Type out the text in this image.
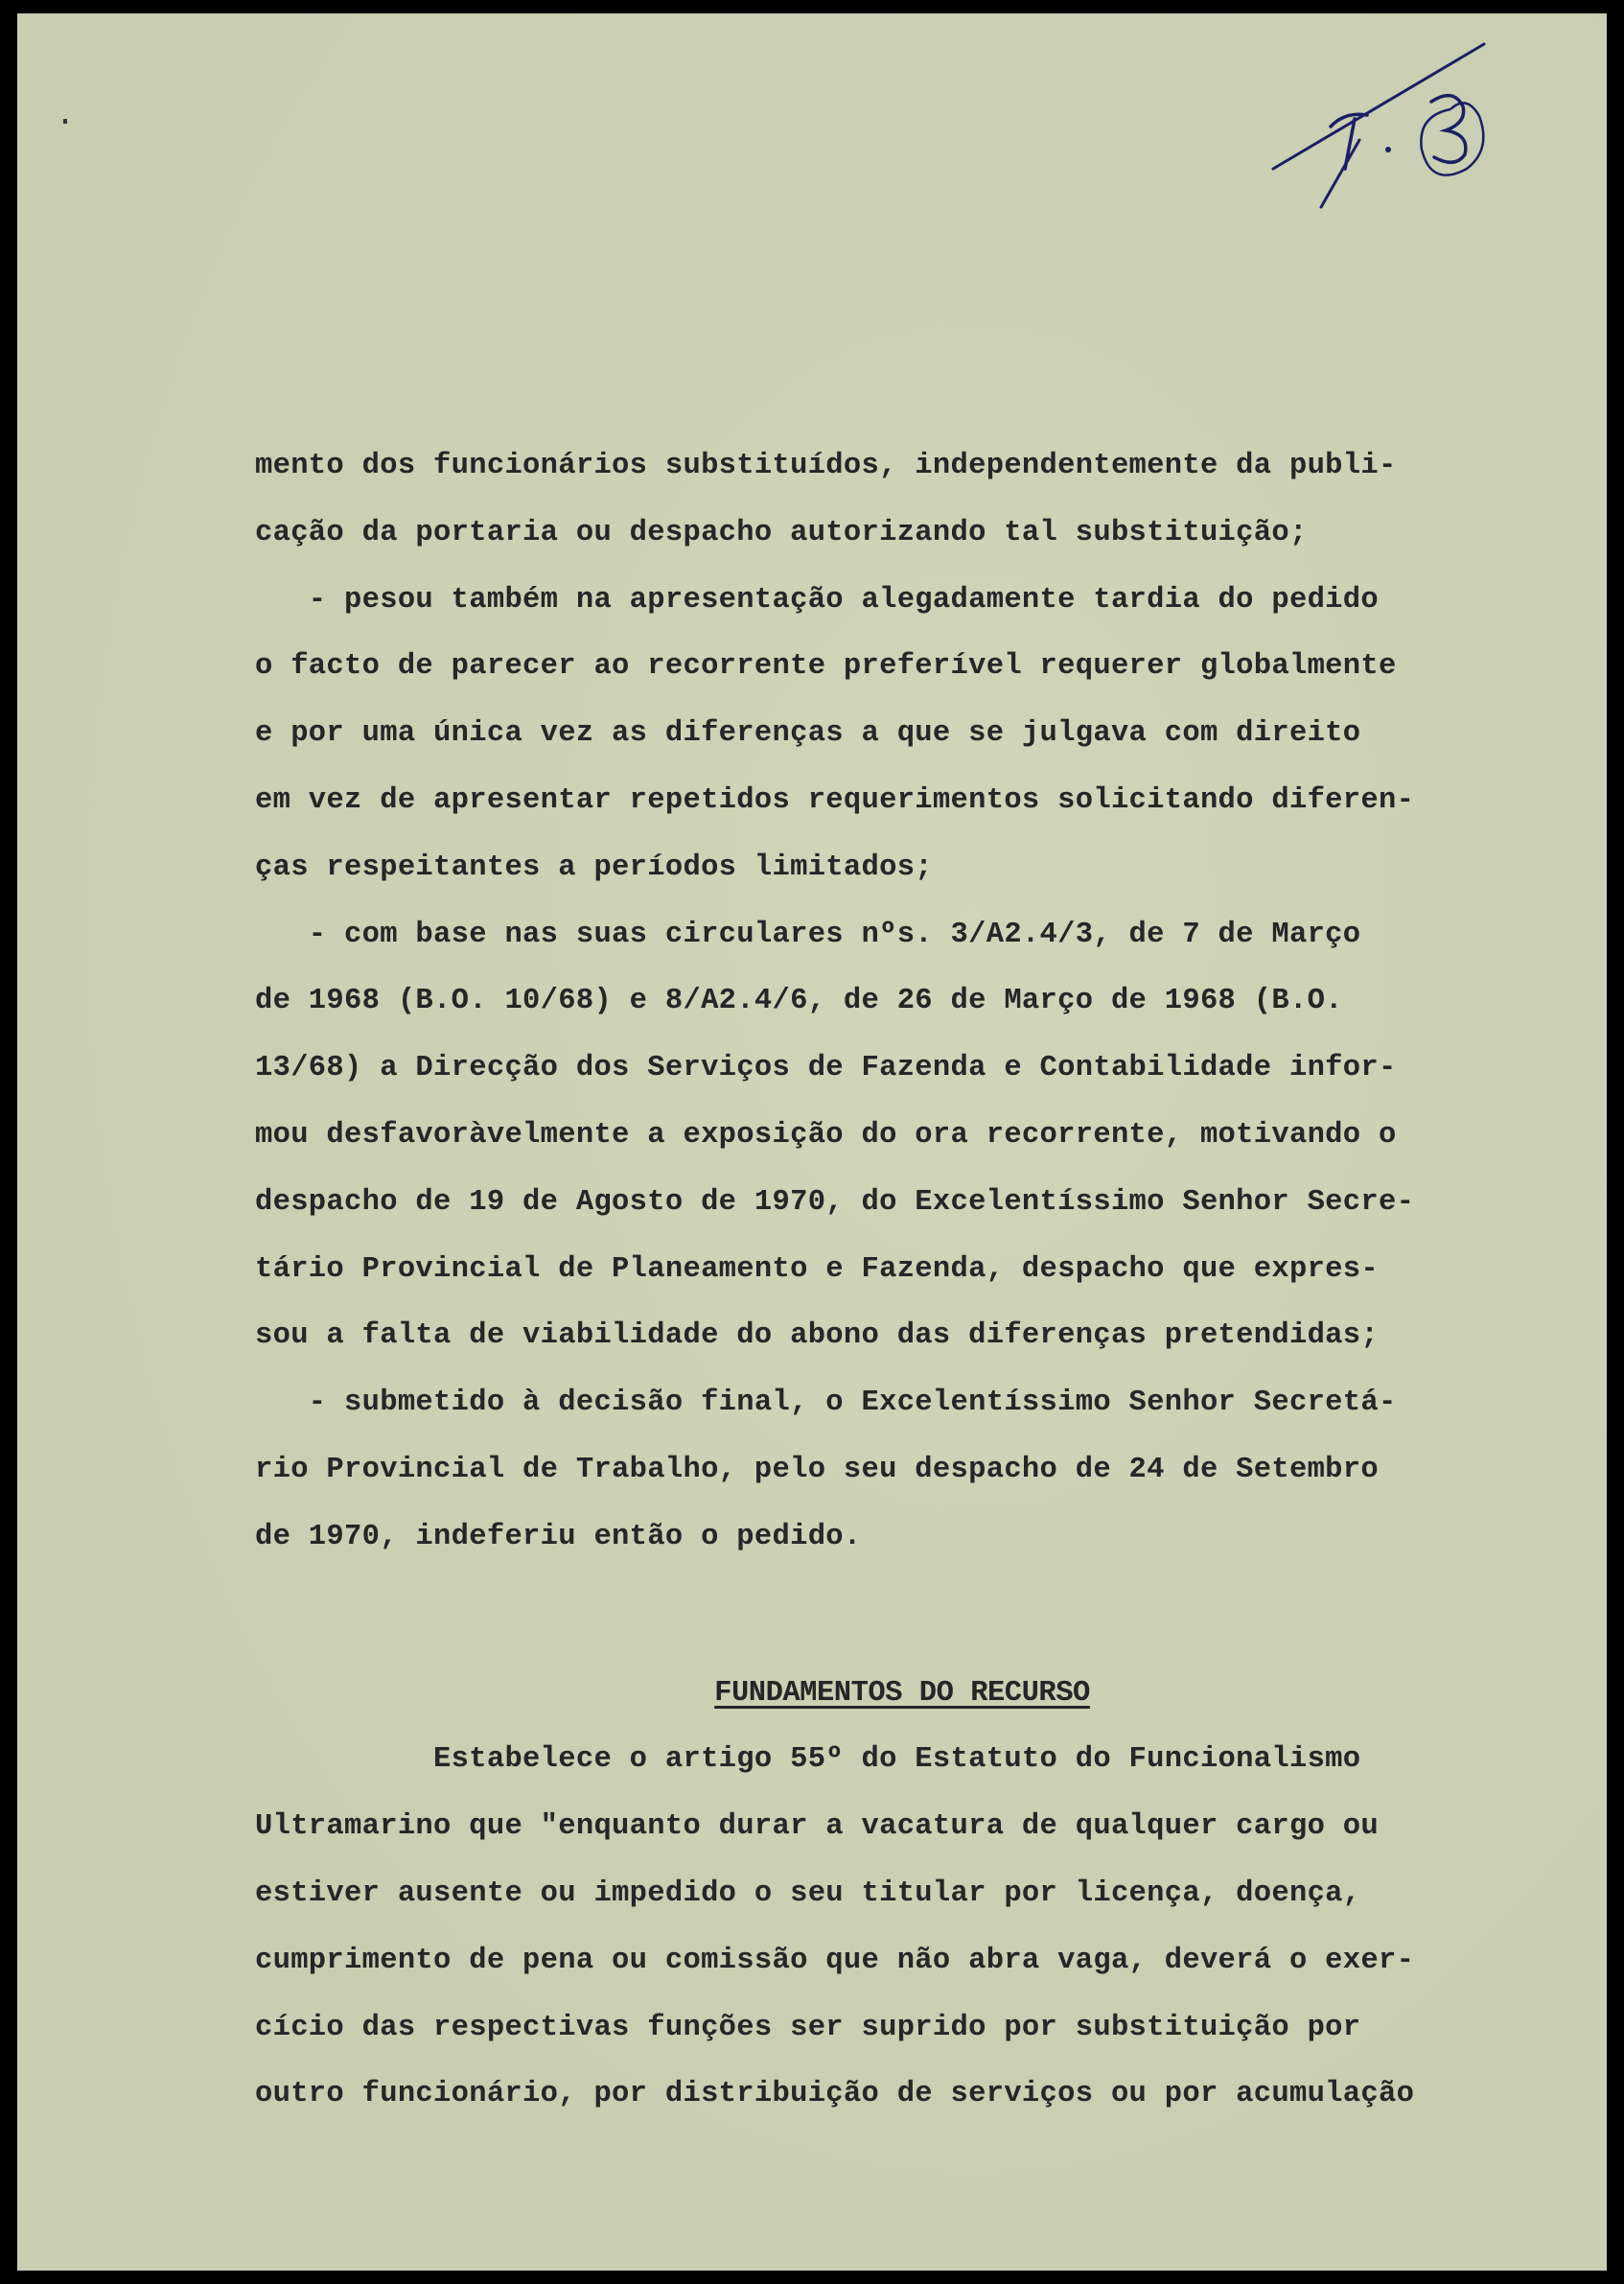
mento dos funcionários substituídos, independentemente da publi-
cação da portaria ou despacho autorizando tal substituição;
- pesou também na apresentação alegadamente tardia do pedido
o facto de parecer ao recorrente preferível requerer globalmente
e por uma única vez as diferenças a que se julgava com direito
em vez de apresentar repetidos requerimentos solicitando diferen-
ças respeitantes a períodos limitados;
- com base nas suas circulares nºs. 3/A2.4/3, de 7 de Março
de 1968 (B.O. 10/68) e 8/A2.4/6, de 26 de Março de 1968 (B.O.
13/68) a Direcção dos Serviços de Fazenda e Contabilidade infor-
mou desfavoràvelmente a exposição do ora recorrente, motivando o
despacho de 19 de Agosto de 1970, do Excelentíssimo Senhor Secre-
tário Provincial de Planeamento e Fazenda, despacho que expres-
sou a falta de viabilidade do abono das diferenças pretendidas;
- submetido à decisão final, o Excelentíssimo Senhor Secretá-
rio Provincial de Trabalho, pelo seu despacho de 24 de Setembro
de 1970, indeferiu então o pedido.
FUNDAMENTOS DO RECURSO
Estabelece o artigo 55º do Estatuto do Funcionalismo
Ultramarino que "enquanto durar a vacatura de qualquer cargo ou
estiver ausente ou impedido o seu titular por licença, doença,
cumprimento de pena ou comissão que não abra vaga, deverá o exer-
cício das respectivas funções ser suprido por substituição por
outro funcionário, por distribuição de serviços ou por acumulação
